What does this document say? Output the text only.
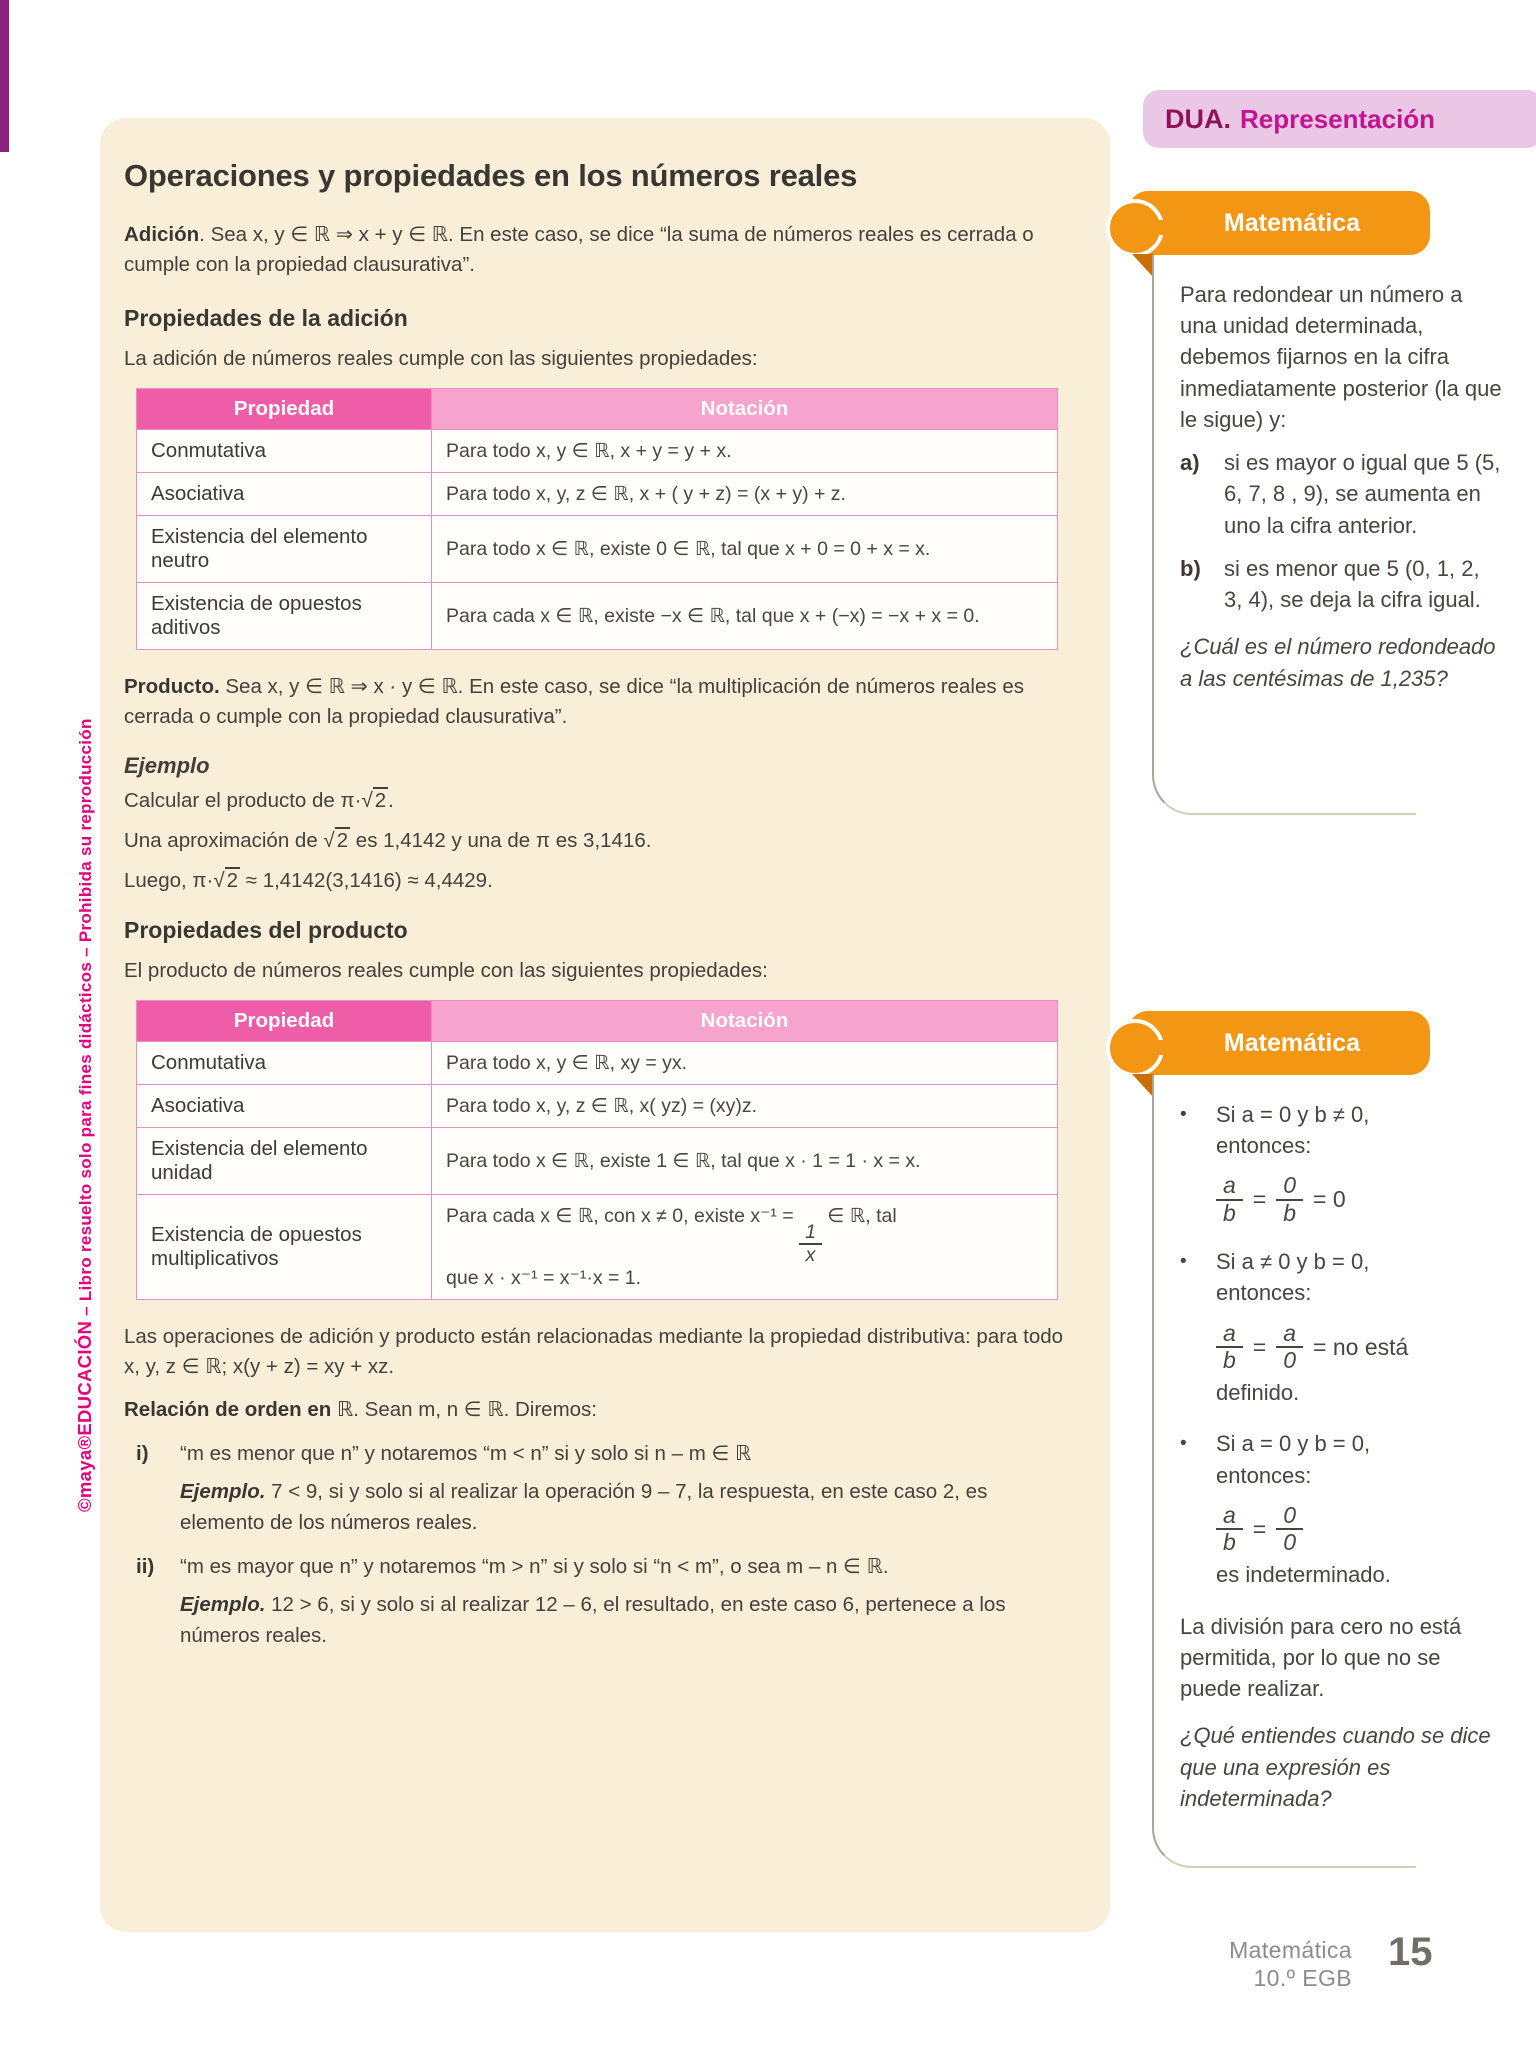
©maya®EDUCACIÓN – Libro resuelto solo para fines didácticos – Prohibida su reproducción
DUA. Representación
Operaciones y propiedades en los números reales

Adición. Sea x, y ∈ ℝ ⇒ x + y ∈ ℝ. En este caso, se dice “la suma de números reales es cerrada o cumple con la propiedad clausurativa”.

Propiedades de la adición

La adición de números reales cumple con las siguientes propiedades:

Propiedad	Notación
Conmutativa	Para todo x, y ∈ ℝ, x + y = y + x.
Asociativa	Para todo x, y, z ∈ ℝ, x + ( y + z) = (x + y) + z.
Existencia del elemento neutro	Para todo x ∈ ℝ, existe 0 ∈ ℝ, tal que x + 0 = 0 + x = x.
Existencia de opuestos aditivos	Para cada x ∈ ℝ, existe −x ∈ ℝ, tal que x + (−x) = −x + x = 0.

Producto. Sea x, y ∈ ℝ ⇒ x · y ∈ ℝ. En este caso, se dice “la multiplicación de números reales es cerrada o cumple con la propiedad clausurativa”.

Ejemplo

Calcular el producto de π·√2.

Una aproximación de √2 es 1,4142 y una de π es 3,1416.

Luego, π·√2 ≈ 1,4142(3,1416) ≈ 4,4429.

Propiedades del producto

El producto de números reales cumple con las siguientes propiedades:

Propiedad	Notación
Conmutativa	Para todo x, y ∈ ℝ, xy = yx.
Asociativa	Para todo x, y, z ∈ ℝ, x( yz) = (xy)z.
Existencia del elemento unidad	Para todo x ∈ ℝ, existe 1 ∈ ℝ, tal que x · 1 = 1 · x = x.
Existencia de opuestos multiplicativos	Para cada x ∈ ℝ, con x ≠ 0, existe x⁻¹ =
$\frac{1}{x}$
∈ ℝ, tal
que x · x⁻¹ = x⁻¹·x = 1.

Las operaciones de adición y producto están relacionadas mediante la propiedad distributiva: para todo x, y, z ∈ ℝ; x(y + z) = xy + xz.

Relación de orden en ℝ. Sean m, n ∈ ℝ. Diremos:

i)	“m es menor que n” y notaremos “m < n” si y solo si n – m ∈ ℝ

Ejemplo. 7 < 9, si y solo si al realizar la operación 9 – 7, la respuesta, en este caso 2, es elemento de los números reales.

ii)	“m es mayor que n” y notaremos “m > n” si y solo si “n < m”, o sea m – n ∈ ℝ.

Ejemplo. 12 > 6, si y solo si al realizar 12 – 6, el resultado, en este caso 6, pertenece a los números reales.

Matemática

Para redondear un número a una unidad determinada, debemos fijarnos en la cifra inmediatamente posterior (la que le sigue) y:

a)	si es mayor o igual que 5 (5, 6, 7, 8 , 9), se aumenta en uno la cifra anterior.
b)	si es menor que 5 (0, 1, 2, 3, 4), se deja la cifra igual.

¿Cuál es el número redondeado a las centésimas de 1,235?

Matemática
•	Si a = 0 y b ≠ 0,
entonces:
$\frac{a}{b} = \frac{0}{b} = 0$
•	Si a ≠ 0 y b = 0,
entonces:
$\frac{a}{b} = \frac{a}{0}$ = no está
definido.
•	Si a = 0 y b = 0,
entonces:
$\frac{a}{b} = \frac{0}{0}$
es indeterminado.

La división para cero no está permitida, por lo que no se puede realizar.

¿Qué entiendes cuando se dice que una expresión es indeterminada?

Matemática
10.º EGB
15
